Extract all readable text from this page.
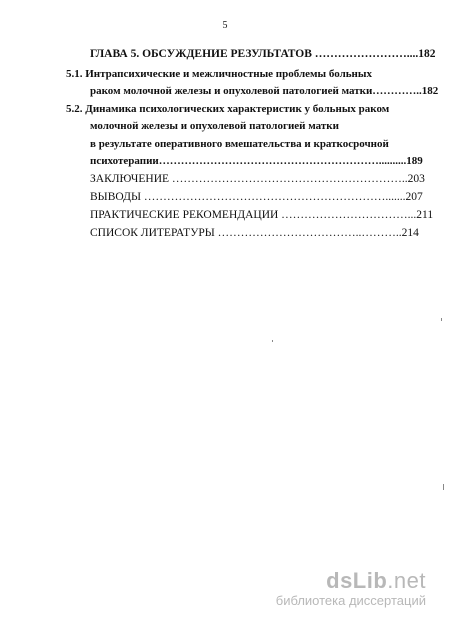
5
ГЛАВА 5. ОБСУЖДЕНИЕ РЕЗУЛЬТАТОВ ……………………....182
5.1. Интрапсихические и межличностные проблемы больных
раком молочной железы и опухолевой патологией матки…………..182
5.2. Динамика психологических характеристик у больных раком
молочной железы и опухолевой патологией матки
в результате оперативного вмешательства и краткосрочной
психотерапии……………………………………………………..........189
ЗАКЛЮЧЕНИЕ ……………………………………………………..203
ВЫВОДЫ ……………………………………………………….......207
ПРАКТИЧЕСКИЕ РЕКОМЕНДАЦИИ ……………………………...211
СПИСОК ЛИТЕРАТУРЫ ………………………………..………..214
dsLib.net
библиотека диссертаций
